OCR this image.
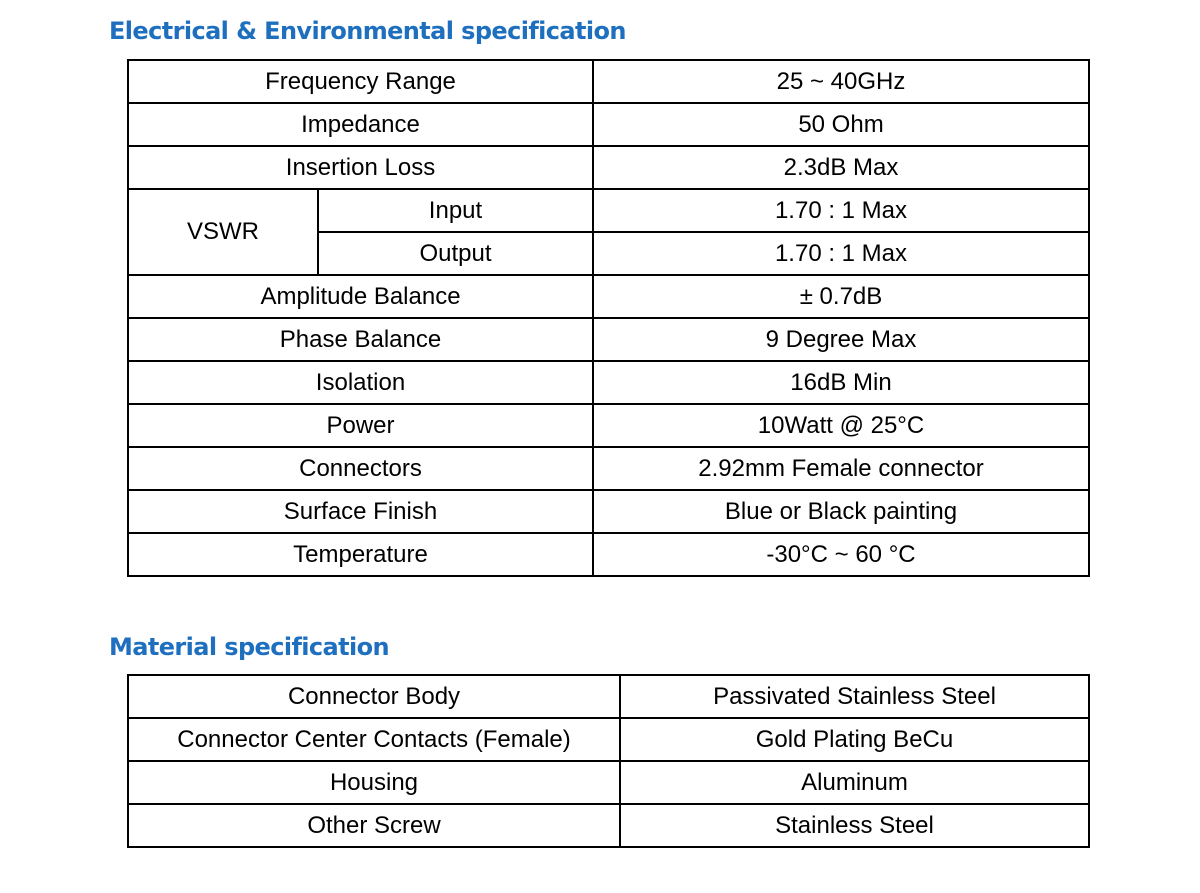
Electrical & Environmental specification
Frequency Range		25 ~ 40GHz
Impedance		50 Ohm
Insertion Loss		2.3dB Max
VSWR	Input	1.70 : 1 Max
	Output	1.70 : 1 Max
Amplitude Balance		± 0.7dB
Phase Balance		9 Degree Max
Isolation		16dB Min
Power		10Watt @ 25°C
Connectors		2.92mm Female connector
Surface Finish		Blue or Black painting
Temperature		-30°C ~ 60 °C
Material specification
Connector Body	Passivated Stainless Steel
Connector Center Contacts (Female)	Gold Plating BeCu
Housing	Aluminum
Other Screw	Stainless Steel
